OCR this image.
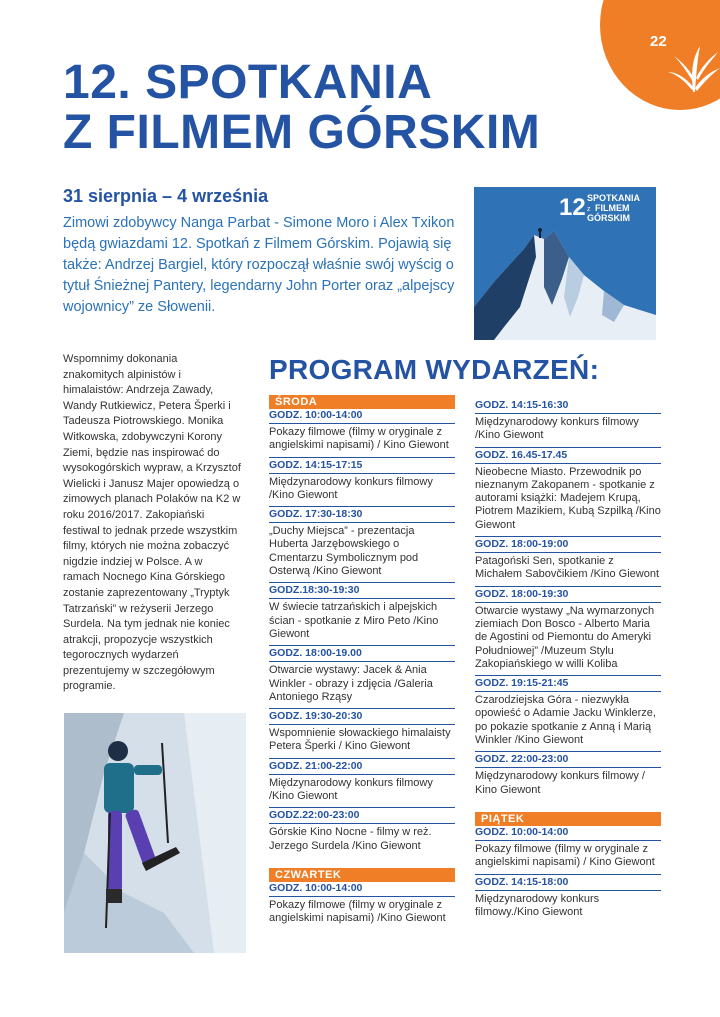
22
12. SPOTKANIA
Z FILMEM GÓRSKIM
31 sierpnia – 4 września
Zimowi zdobywcy Nanga Parbat - Simone Moro i Alex Txikon będą gwiazdami 12. Spotkań z Filmem Górskim. Pojawią się także: Andrzej Bargiel, który rozpoczął właśnie swój wyścig o tytuł Śnieżnej Pantery, legendarny John Porter oraz „alpejscy wojownicy” ze Słowenii.
12 SPOTKANIA
z FILMEM
GÓRSKIM
Wspomnimy dokonania znakomitych alpinistów i himalaistów: Andrzeja Zawady, Wandy Rutkiewicz, Petera Šperki i Tadeusza Piotrowskiego. Monika Witkowska, zdobywczyni Korony Ziemi, będzie nas inspirować do wysokogórskich wypraw, a Krzysztof Wielicki i Janusz Majer opowiedzą o zimowych planach Polaków na K2 w roku 2016/2017. Zakopiański festiwal to jednak przede wszystkim filmy, których nie można zobaczyć nigdzie indziej w Polsce. A w ramach Nocnego Kina Górskiego zostanie zaprezentowany „Tryptyk Tatrzański” w reżyserii Jerzego Surdela. Na tym jednak nie koniec atrakcji, propozycje wszystkich tegorocznych wydarzeń prezentujemy w szczegółowym programie.
PROGRAM WYDARZEŃ:
ŚRODA
GODZ. 10:00-14:00
Pokazy filmowe (filmy w oryginale z angielskimi napisami) / Kino Giewont
GODZ. 14:15-17:15
Międzynarodowy konkurs filmowy /Kino Giewont
GODZ. 17:30-18:30
„Duchy Miejsca” - prezentacja Huberta Jarzębowskiego o Cmentarzu Symbolicznym pod Osterwą /Kino Giewont
GODZ.18:30-19:30
W świecie tatrzańskich i alpejskich ścian - spotkanie z Miro Peto /Kino Giewont
GODZ. 18:00-19.00
Otwarcie wystawy: Jacek & Ania Winkler - obrazy i zdjęcia /Galeria Antoniego Rząsy
GODZ. 19:30-20:30
Wspomnienie słowackiego himalaisty Petera Šperki / Kino Giewont
GODZ. 21:00-22:00
Międzynarodowy konkurs filmowy /Kino Giewont
GODZ.22:00-23:00
Górskie Kino Nocne - filmy w reż. Jerzego Surdela /Kino Giewont
CZWARTEK
GODZ. 10:00-14:00
Pokazy filmowe (filmy w oryginale z angielskimi napisami) /Kino Giewont
GODZ. 14:15-16:30
Międzynarodowy konkurs filmowy /Kino Giewont
GODZ. 16.45-17.45
Nieobecne Miasto. Przewodnik po nieznanym Zakopanem - spotkanie z autorami książki: Madejem Krupą, Piotrem Mazikiem, Kubą Szpilką /Kino Giewont
GODZ. 18:00-19:00
Patagoński Sen, spotkanie z Michałem Sabovčikiem /Kino Giewont
GODZ. 18:00-19:30
Otwarcie wystawy „Na wymarzonych ziemiach Don Bosco - Alberto Maria de Agostini od Piemontu do Ameryki Południowej” /Muzeum Stylu Zakopiańskiego w willi Koliba
GODZ. 19:15-21:45
Czarodziejska Góra - niezwykła opowieść o Adamie Jacku Winklerze, po pokazie spotkanie z Anną i Marią Winkler /Kino Giewont
GODZ. 22:00-23:00
Międzynarodowy konkurs filmowy / Kino Giewont
PIĄTEK
GODZ. 10:00-14:00
Pokazy filmowe (filmy w oryginale z angielskimi napisami) / Kino Giewont
GODZ. 14:15-18:00
Międzynarodowy konkurs filmowy./Kino Giewont
